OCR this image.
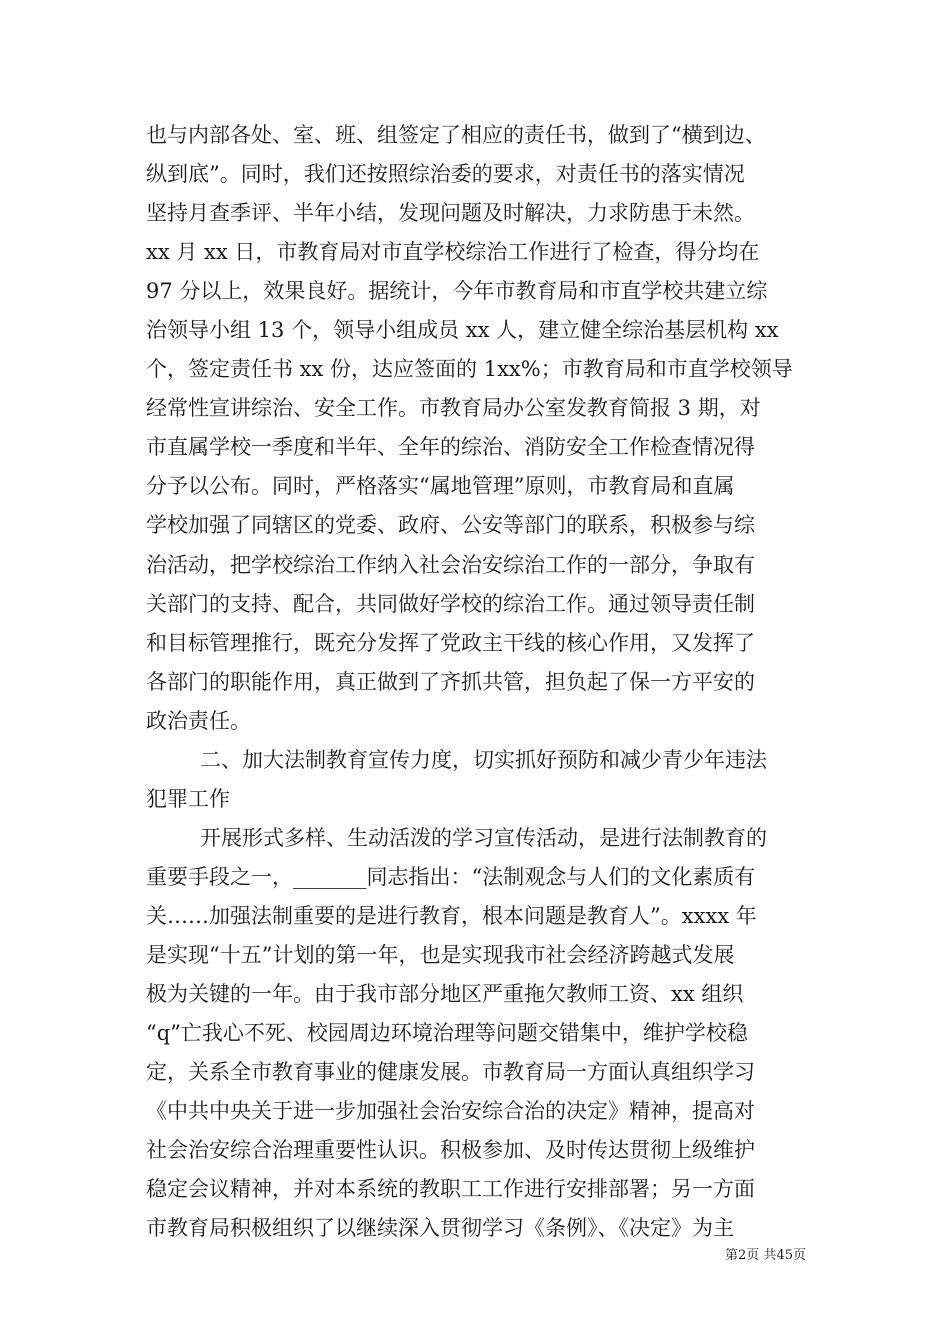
也与内部各处、室、班、组签定了相应的责任书，做到了“横到边、
纵到底”。同时，我们还按照综治委的要求，对责任书的落实情况
坚持月查季评、半年小结，发现问题及时解决，力求防患于未然。
xx 月 xx 日，市教育局对市直学校综治工作进行了检查，得分均在
97 分以上，效果良好。据统计，今年市教育局和市直学校共建立综
治领导小组 13 个，领导小组成员 xx 人，建立健全综治基层机构 xx
个，签定责任书 xx 份，达应签面的 1xx%；市教育局和市直学校领导
经常性宣讲综治、安全工作。市教育局办公室发教育简报 3 期，对
市直属学校一季度和半年、全年的综治、消防安全工作检查情况得
分予以公布。同时，严格落实“属地管理”原则，市教育局和直属
学校加强了同辖区的党委、政府、公安等部门的联系，积极参与综
治活动，把学校综治工作纳入社会治安综治工作的一部分，争取有
关部门的支持、配合，共同做好学校的综治工作。通过领导责任制
和目标管理推行，既充分发挥了党政主干线的核心作用，又发挥了
各部门的职能作用，真正做到了齐抓共管，担负起了保一方平安的
政治责任。
二、加大法制教育宣传力度，切实抓好预防和减少青少年违法
犯罪工作
开展形式多样、生动活泼的学习宣传活动，是进行法制教育的
重要手段之一，_______同志指出：“法制观念与人们的文化素质有
关……加强法制重要的是进行教育，根本问题是教育人”。xxxx 年
是实现“十五”计划的第一年，也是实现我市社会经济跨越式发展
极为关键的一年。由于我市部分地区严重拖欠教师工资、xx 组织
“q”亡我心不死、校园周边环境治理等问题交错集中，维护学校稳
定，关系全市教育事业的健康发展。市教育局一方面认真组织学习
《中共中央关于进一步加强社会治安综合治的决定》精神，提高对
社会治安综合治理重要性认识。积极参加、及时传达贯彻上级维护
稳定会议精神，并对本系统的教职工工作进行安排部署；另一方面
市教育局积极组织了以继续深入贯彻学习《条例》、《决定》为主
第2页 共45页
